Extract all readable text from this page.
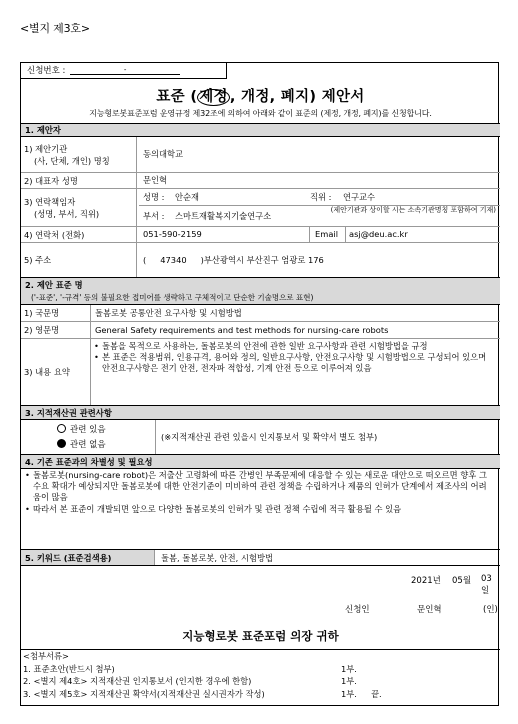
<별지 제3호>
신청번호 :	-
표준 ( 제정 , 개정, 폐지) 제안서
지능형로봇표준포럼 운영규정 제32조에 의하여 아래와 같이 표준의 (제정, 개정, 폐지)를 신청합니다.
1. 제안자
1) 제안기관
(사, 단체, 개인) 명칭
동의대학교
2) 대표자 성명	문인혁
3) 연락책임자
(성명, 부서, 직위)
성명 : 안순재	직위 : 연구교수
부서 : 스마트재활복지기술연구소
(제안기관과 상이할 시는 소속기관명칭 포함하여 기재)
4) 연락처 (전화)	051-590-2159	Email	asj@deu.ac.kr
5) 주소	( 47340 )부산광역시 부산진구 엄광로 176
2. 제안 표준 명
('-표준', '-규격' 등의 불필요한 접미어를 생략하고 구체적이고 단순한 기술명으로 표현)
1) 국문명	돌봄로봇 공통안전 요구사항 및 시험방법
2) 영문명	General Safety requirements and test methods for nursing-care robots
3) 내용 요약
• 돌봄을 목적으로 사용하는, 돌봄로봇의 안전에 관한 일반 요구사항과 관련 시험방법을 규정
• 본 표준은 적용범위, 인용규격, 용어와 정의, 일반요구사항, 안전요구사항 및 시험방법으로 구성되어 있으며 안전요구사항은 전기 안전, 전자파 적합성, 기계 안전 등으로 이루어져 있음
3. 지적재산권 관련사항
관련 있음
관련 없음
(※지적재산권 관련 있을시 인지통보서 및 확약서 별도 첨부)
4. 기존 표준과의 차별성 및 필요성
• 돌봄로봇(nursing-care robot)은 저출산 고령화에 따른 간병인 부족문제에 대응할 수 있는 새로운 대안으로 떠오르면 향후 그 수요 확대가 예상되지만 돌봄로봇에 대한 안전기준이 미비하여 관련 정책을 수립하거나 제품의 인허가 단계에서 제조사의 어려움이 많음
• 따라서 본 표준이 개발되면 앞으로 다양한 돌봄로봇의 인허가 및 관련 정책 수립에 적극 활용될 수 있음
5. 키워드 (표준검색용)	돌봄, 돌봄로봇, 안전, 시험방법
2021년 05월 03일
신청인	문인혁	(인)
지능형로봇 표준포럼 의장 귀하
<첨부서류>
1. 표준초안(반드시 첨부)	1부.
2. <별지 제4호> 지적재산권 인지통보서 (인지한 경우에 한함)	1부.
3. <별지 제5호> 지적재산권 확약서(지적재산권 실시권자가 작성)	1부. 끝.
